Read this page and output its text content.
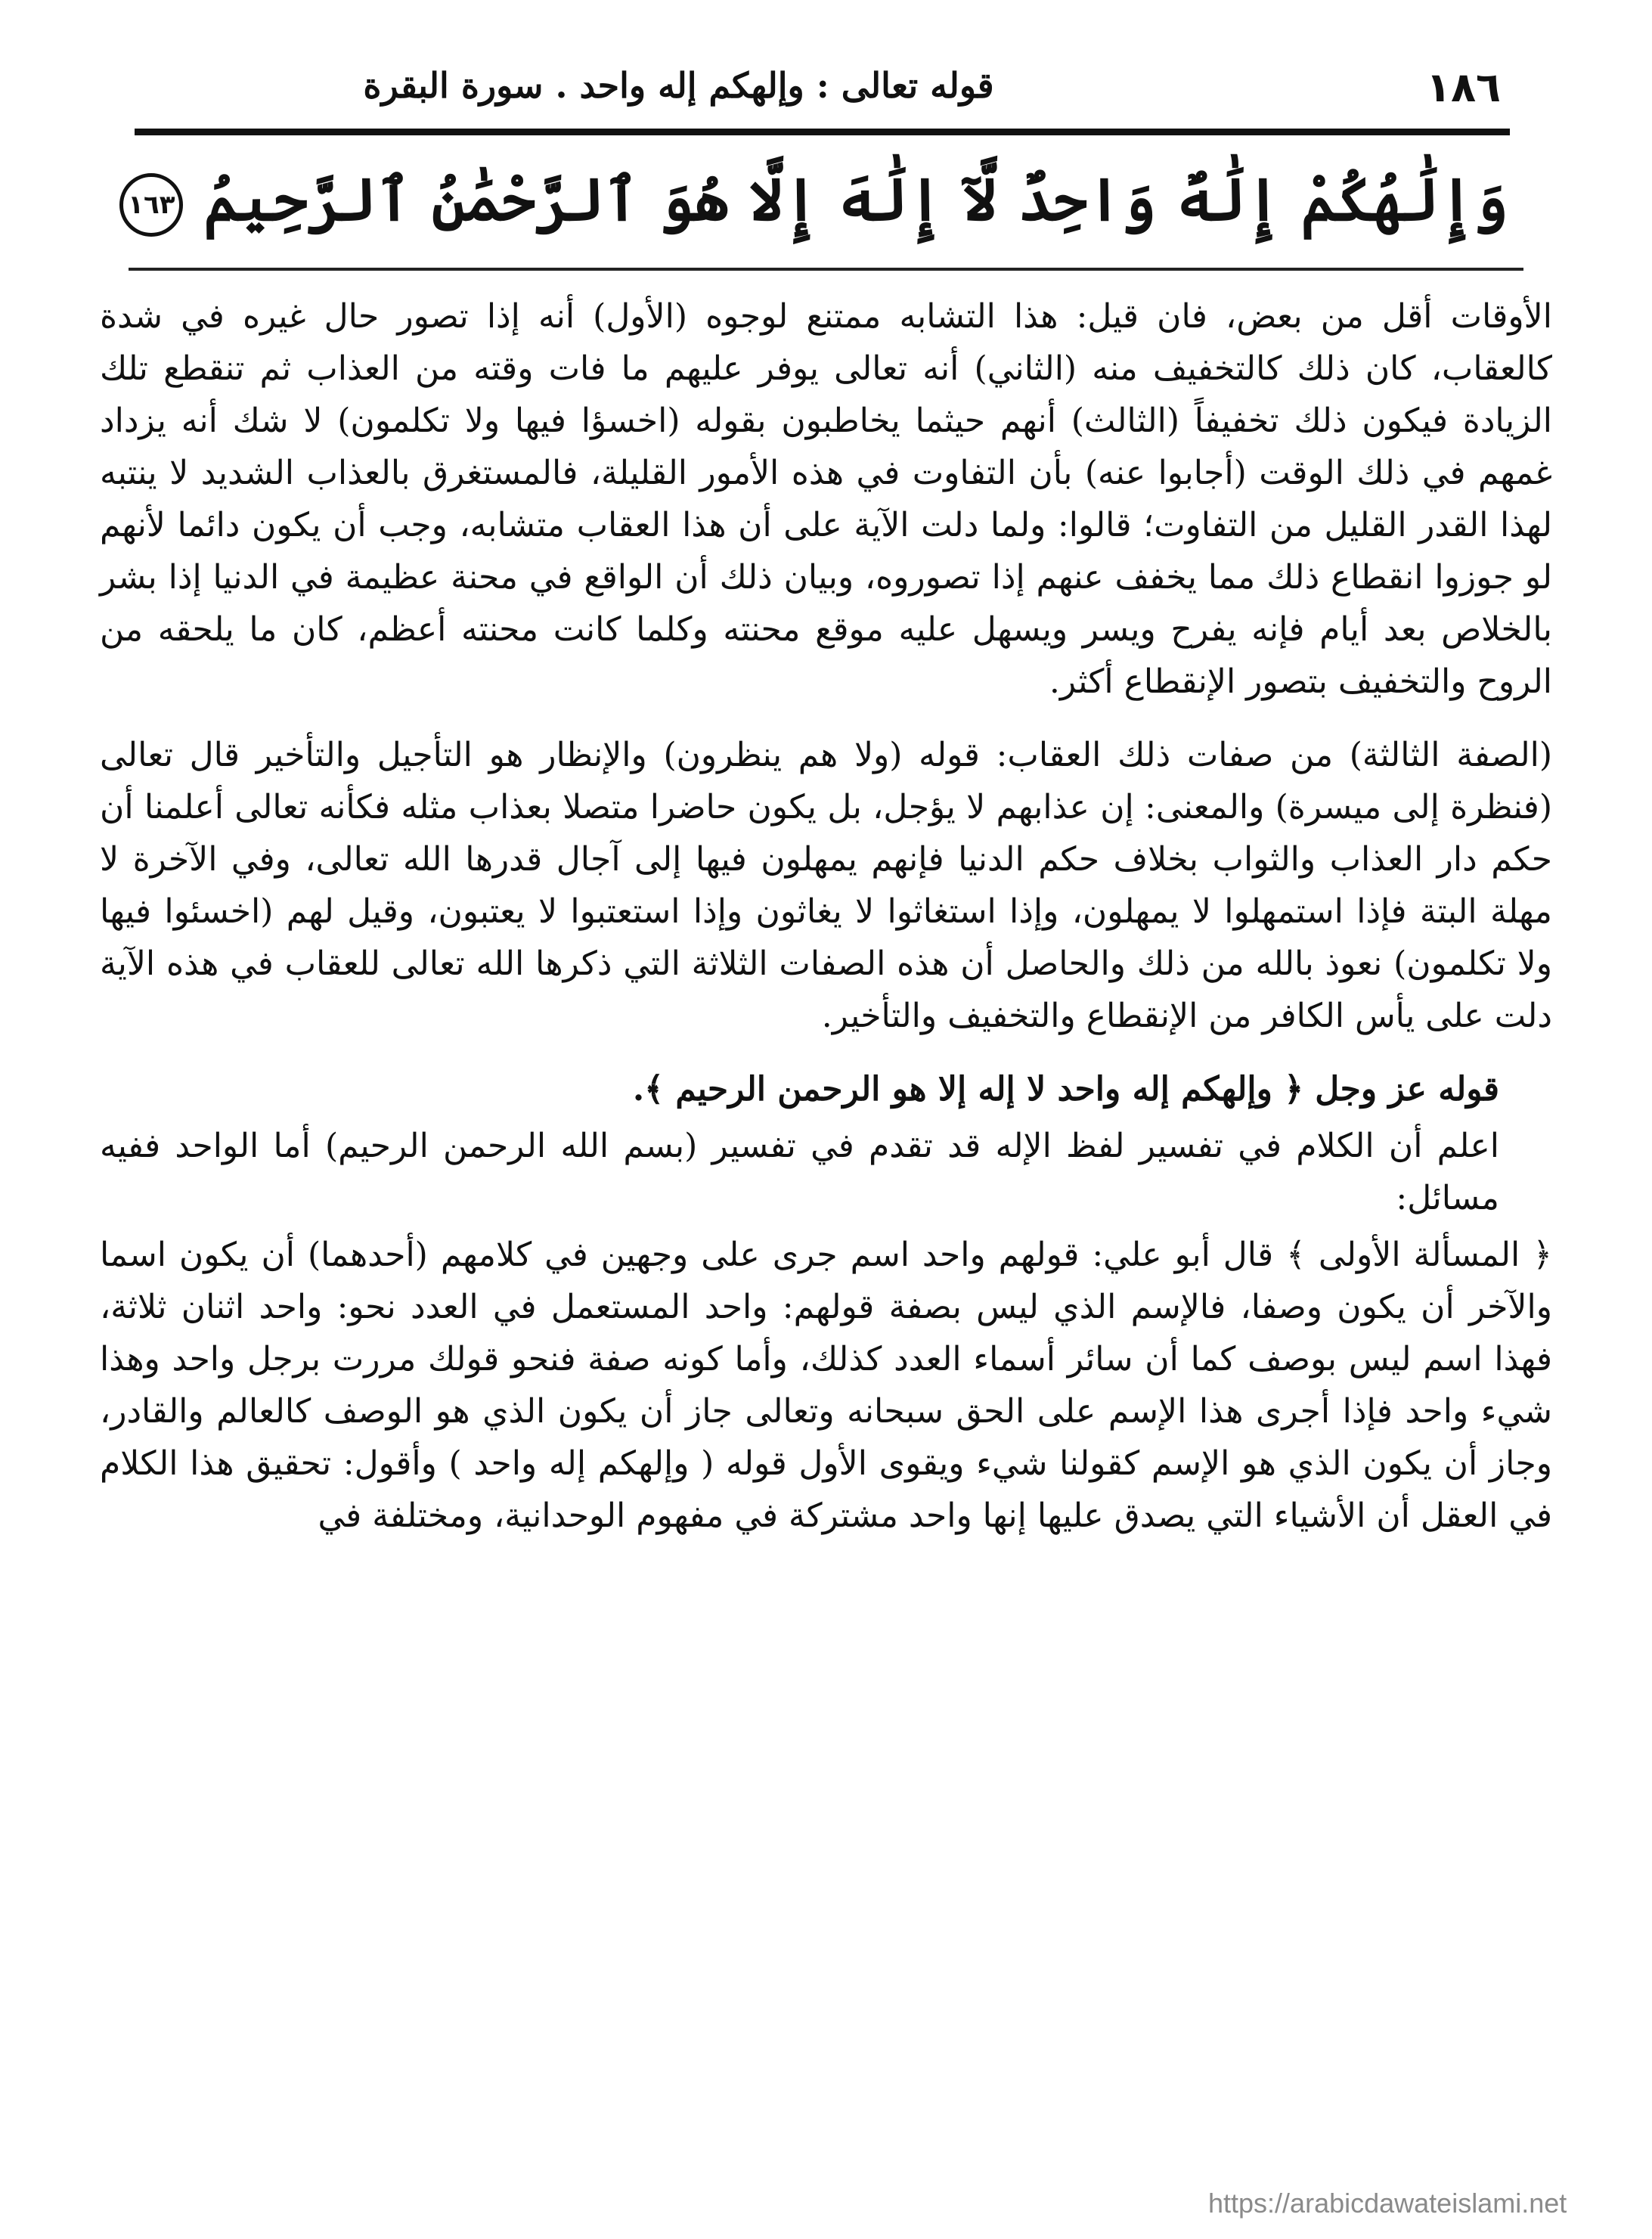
١٨٦
قوله تعالى : وإلهكم إله واحد . سورة البقرة
وَإِلَٰهُكُمْ إِلَٰهٌ وَاحِدٌ لَّآ إِلَٰهَ إِلَّا هُوَ ٱلرَّحْمَٰنُ ٱلرَّحِيمُ ١٦٣

الأوقات أقل من بعض، فان قيل: هذا التشابه ممتنع لوجوه (الأول) أنه إذا تصور حال غيره في شدة كالعقاب، كان ذلك كالتخفيف منه (الثاني) أنه تعالى يوفر عليهم ما فات وقته من العذاب ثم تنقطع تلك الزيادة فيكون ذلك تخفيفاً (الثالث) أنهم حيثما يخاطبون بقوله (اخسؤا فيها ولا تكلمون) لا شك أنه يزداد غمهم في ذلك الوقت (أجابوا عنه) بأن التفاوت في هذه الأمور القليلة، فالمستغرق بالعذاب الشديد لا ينتبه لهذا القدر القليل من التفاوت؛ قالوا: ولما دلت الآية على أن هذا العقاب متشابه، وجب أن يكون دائما لأنهم لو جوزوا انقطاع ذلك مما يخفف عنهم إذا تصوروه، وبيان ذلك أن الواقع في محنة عظيمة في الدنيا إذا بشر بالخلاص بعد أيام فإنه يفرح ويسر ويسهل عليه موقع محنته وكلما كانت محنته أعظم، كان ما يلحقه من الروح والتخفيف بتصور الإنقطاع أكثر.

(الصفة الثالثة) من صفات ذلك العقاب: قوله (ولا هم ينظرون) والإنظار هو التأجيل والتأخير قال تعالى (فنظرة إلى ميسرة) والمعنى: إن عذابهم لا يؤجل، بل يكون حاضرا متصلا بعذاب مثله فكأنه تعالى أعلمنا أن حكم دار العذاب والثواب بخلاف حكم الدنيا فإنهم يمهلون فيها إلى آجال قدرها الله تعالى، وفي الآخرة لا مهلة البتة فإذا استمهلوا لا يمهلون، وإذا استغاثوا لا يغاثون وإذا استعتبوا لا يعتبون، وقيل لهم (اخسئوا فيها ولا تكلمون) نعوذ بالله من ذلك والحاصل أن هذه الصفات الثلاثة التي ذكرها الله تعالى للعقاب في هذه الآية دلت على يأس الكافر من الإنقطاع والتخفيف والتأخير.

قوله عز وجل ﴿ وإلهكم إله واحد لا إله إلا هو الرحمن الرحيم ﴾.

اعلم أن الكلام في تفسير لفظ الإله قد تقدم في تفسير (بسم الله الرحمن الرحيم) أما الواحد ففيه مسائل:

﴿ المسألة الأولى ﴾ قال أبو علي: قولهم واحد اسم جرى على وجهين في كلامهم (أحدهما) أن يكون اسما والآخر أن يكون وصفا، فالإسم الذي ليس بصفة قولهم: واحد المستعمل في العدد نحو: واحد اثنان ثلاثة، فهذا اسم ليس بوصف كما أن سائر أسماء العدد كذلك، وأما كونه صفة فنحو قولك مررت برجل واحد وهذا شيء واحد فإذا أجرى هذا الإسم على الحق سبحانه وتعالى جاز أن يكون الذي هو الوصف كالعالم والقادر، وجاز أن يكون الذي هو الإسم كقولنا شيء ويقوى الأول قوله ( وإلهكم إله واحد ) وأقول: تحقيق هذا الكلام في العقل أن الأشياء التي يصدق عليها إنها واحد مشتركة في مفهوم الوحدانية، ومختلفة في

https://arabicdawateislami.net
